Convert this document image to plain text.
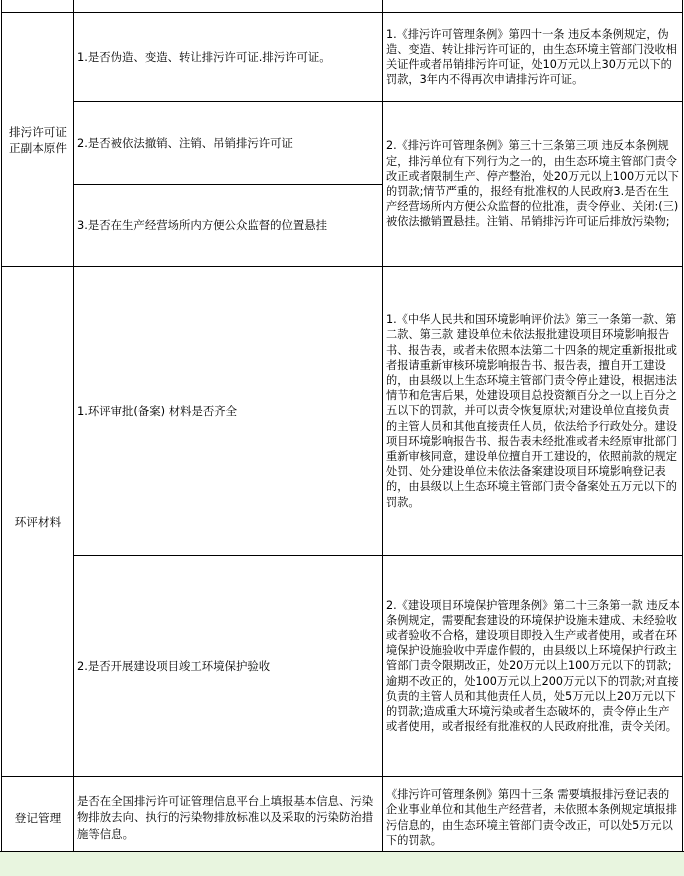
排污许可证正副本原件	1.是否伪造、变造、转让排污许可证.排污许可证。	1.《排污许可管理条例》第四十一条 违反本条例规定，伪造、变造、转让排污许可证的，由生态环境主管部门没收相关证件或者吊销排污许可证，处10万元以上30万元以下的罚款，3年内不得再次申请排污许可证。
	2.是否被依法撤销、注销、吊销排污许可证	2.《排污许可管理条例》第三十三条第三项 违反本条例规定，排污单位有下列行为之一的，由生态环境主管部门责令改正或者限制生产、停产整治，处20万元以上100万元以下的罚款;情节严重的，报经有批准权的人民政府3.是否在生产经营场所内方便公众监督的位批准，责令停业、关闭:(三) 被依法撤销置悬挂。注销、吊销排污许可证后排放污染物;
	3.是否在生产经营场所内方便公众监督的位置悬挂	
环评材料	1.环评审批(备案) 材料是否齐全	1.《中华人民共和国环境影响评价法》第三一条第一款、第二款、第三款 建设单位未依法报批建设项目环境影响报告书、报告表，或者未依照本法第二十四条的规定重新报批或者报请重新审核环境影响报告书、报告表，擅自开工建设的，由县级以上生态环境主管部门责令停止建设，根据违法情节和危害后果，处建设项目总投资额百分之一以上百分之五以下的罚款，并可以责令恢复原状;对建设单位直接负责的主管人员和其他直接责任人员，依法给予行政处分。建设项目环境影响报告书、报告表未经批准或者未经原审批部门重新审核同意，建设单位擅自开工建设的，依照前款的规定处罚、处分建设单位未依法备案建设项目环境影响登记表的，由县级以上生态环境主管部门责令备案处五万元以下的罚款。
	2.是否开展建设项目竣工环境保护验收	2.《建设项目环境保护管理条例》第二十三条第一款 违反本条例规定，需要配套建设的环境保护设施未建成、未经验收或者验收不合格，建设项目即投入生产或者使用，或者在环境保护设施验收中弄虚作假的，由县级以上环境保护行政主管部门责令限期改正，处20万元以上100万元以下的罚款;逾期不改正的，处100万元以上200万元以下的罚款;对直接负责的主管人员和其他责任人员，处5万元以上20万元以下的罚款;造成重大环境污染或者生态破坏的，责令停止生产或者使用，或者报经有批准权的人民政府批准，责令关闭。
登记管理	是否在全国排污许可证管理信息平台上填报基本信息、污染物排放去向、执行的污染物排放标准以及采取的污染防治措施等信息。	《排污许可管理条例》第四十三条 需要填报排污登记表的企业事业单位和其他生产经营者，未依照本条例规定填报排污信息的，由生态环境主管部门责令改正，可以处5万元以下的罚款。
